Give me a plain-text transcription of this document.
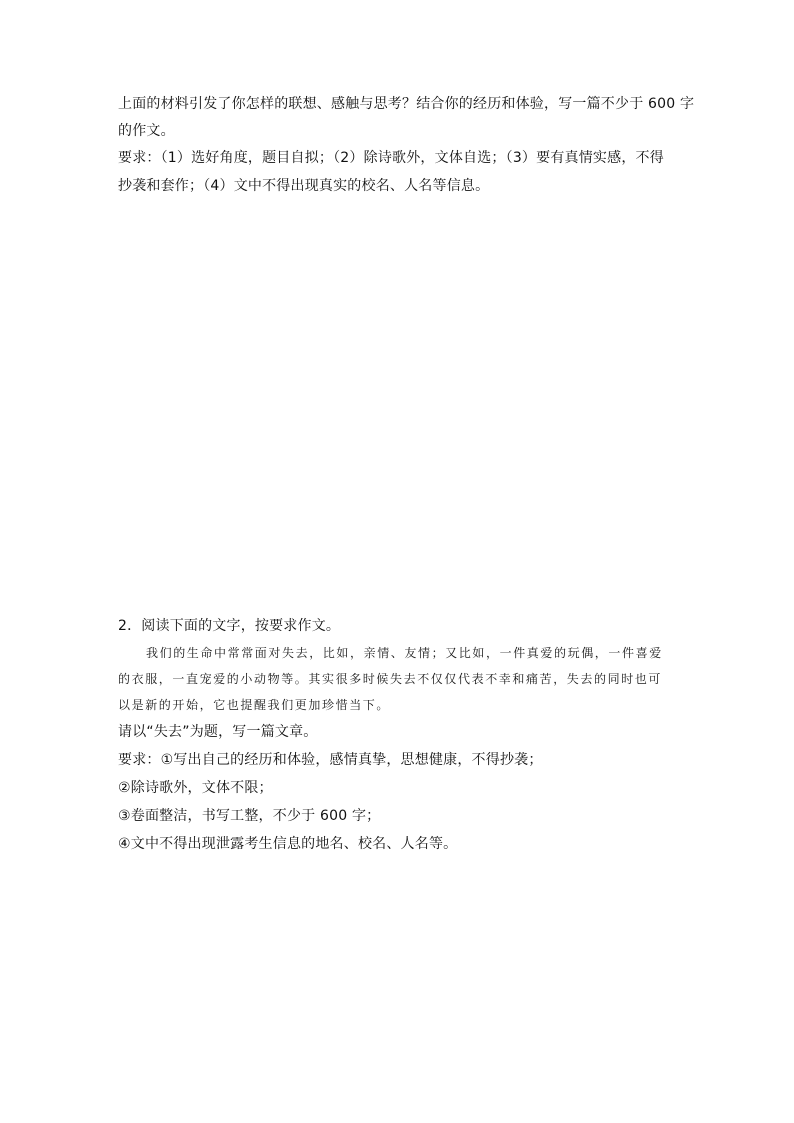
上面的材料引发了你怎样的联想、感触与思考？结合你的经历和体验，写一篇不少于 600 字
的作文。
要求：（1）选好角度，题目自拟；（2）除诗歌外，文体自选；（3）要有真情实感，不得
抄袭和套作；（4）文中不得出现真实的校名、人名等信息。
2．阅读下面的文字，按要求作文。
我们的生命中常常面对失去，比如，亲情、友情；又比如，一件真爱的玩偶，一件喜爱
的衣服，一直宠爱的小动物等。其实很多时候失去不仅仅代表不幸和痛苦，失去的同时也可
以是新的开始，它也提醒我们更加珍惜当下。
请以“失去”为题，写一篇文章。
要求：①写出自己的经历和体验，感情真挚，思想健康，不得抄袭；
②除诗歌外，文体不限；
③卷面整洁，书写工整，不少于 600 字；
④文中不得出现泄露考生信息的地名、校名、人名等。
